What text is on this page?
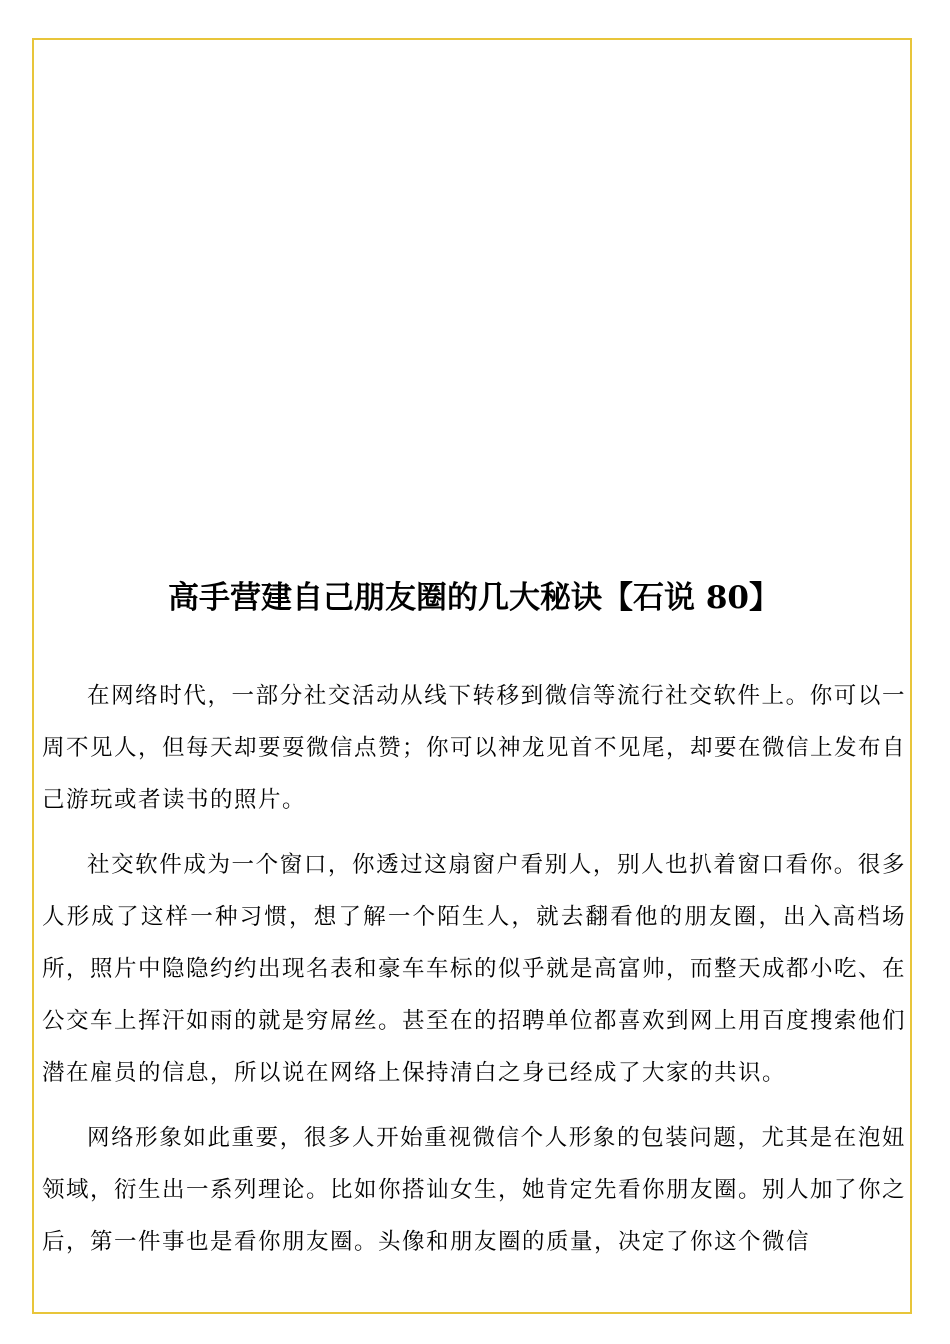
高手营建自己朋友圈的几大秘诀【石说 80】

在网络时代，一部分社交活动从线下转移到微信等流行社交软件上。你可以一周不见人，但每天却要耍微信点赞；你可以神龙见首不见尾，却要在微信上发布自己游玩或者读书的照片。

社交软件成为一个窗口，你透过这扇窗户看别人，别人也扒着窗口看你。很多人形成了这样一种习惯，想了解一个陌生人，就去翻看他的朋友圈，出入高档场所，照片中隐隐约约出现名表和豪车车标的似乎就是高富帅，而整天成都小吃、在公交车上挥汗如雨的就是穷屌丝。甚至在的招聘单位都喜欢到网上用百度搜索他们潜在雇员的信息，所以说在网络上保持清白之身已经成了大家的共识。

网络形象如此重要，很多人开始重视微信个人形象的包装问题，尤其是在泡妞领域，衍生出一系列理论。比如你搭讪女生，她肯定先看你朋友圈。别人加了你之后，第一件事也是看你朋友圈。头像和朋友圈的质量，决定了你这个微信
